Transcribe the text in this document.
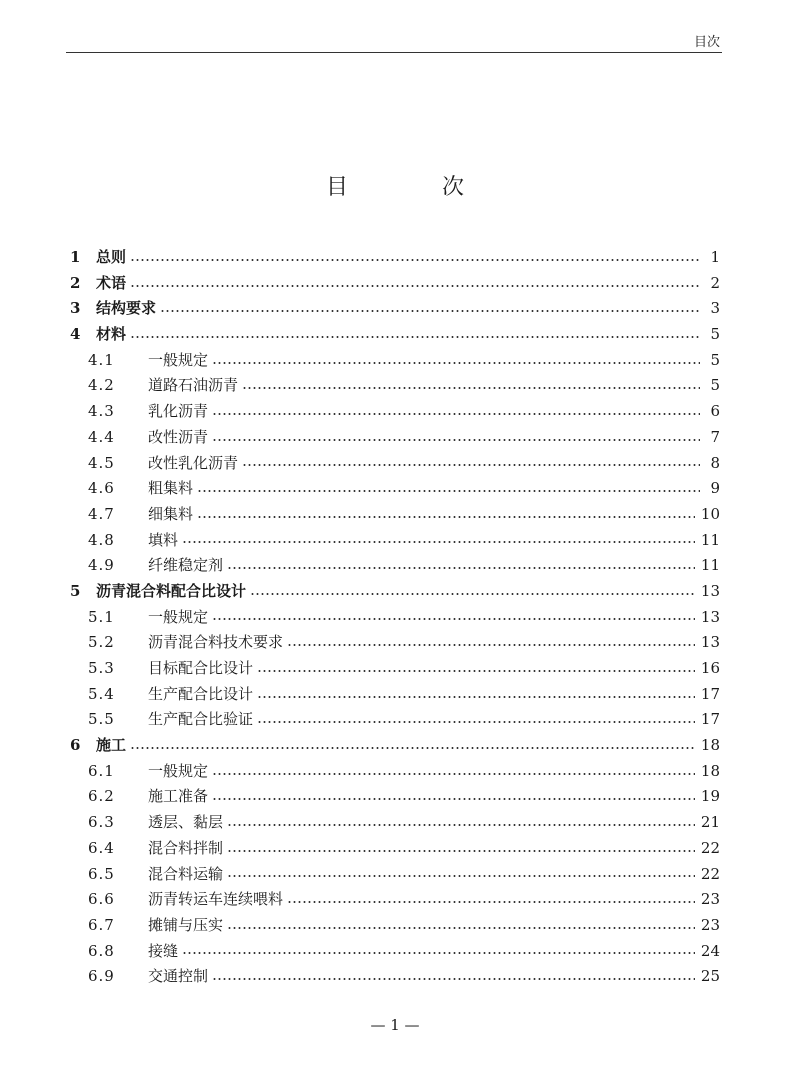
目次
目　次
1	总则	1
2	术语	2
3	结构要求	3
4	材料	5
4.1	一般规定	5
4.2	道路石油沥青	5
4.3	乳化沥青	6
4.4	改性沥青	7
4.5	改性乳化沥青	8
4.6	粗集料	9
4.7	细集料	10
4.8	填料	11
4.9	纤维稳定剂	11
5	沥青混合料配合比设计	13
5.1	一般规定	13
5.2	沥青混合料技术要求	13
5.3	目标配合比设计	16
5.4	生产配合比设计	17
5.5	生产配合比验证	17
6	施工	18
6.1	一般规定	18
6.2	施工准备	19
6.3	透层、黏层	21
6.4	混合料拌制	22
6.5	混合料运输	22
6.6	沥青转运车连续喂料	23
6.7	摊铺与压实	23
6.8	接缝	24
6.9	交通控制	25
— 1 —
